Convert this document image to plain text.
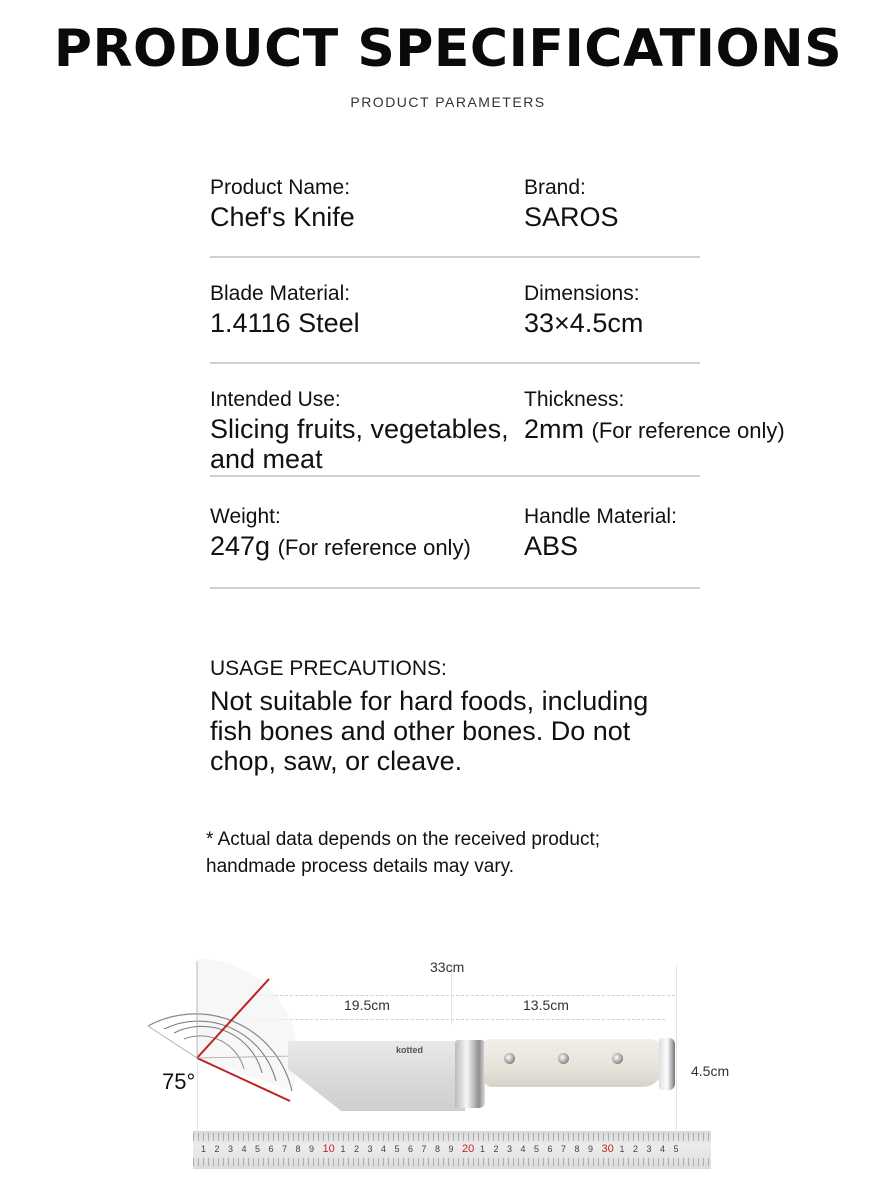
PRODUCT SPECIFICATIONS
PRODUCT PARAMETERS
Product Name:
Chef's Knife
Brand:
SAROS
Blade Material:
1.4116 Steel
Dimensions:
33×4.5cm
Intended Use:
Slicing fruits, vegetables, and meat
Thickness:
2mm (For reference only)
Weight:
247g (For reference only)
Handle Material:
ABS
USAGE PRECAUTIONS:
Not suitable for hard foods, including fish bones and other bones. Do not chop, saw, or cleave.
* Actual data depends on the received product;
handmade process details may vary.
33cm
19.5cm	13.5cm
4.5cm
75°
kotted
1 2 3 4 5 6 7 8 9 10 1 2 3 4 5 6 7 8 9 20 1 2 3 4 5 6 7 8 9 30 1 2 3 4 5
